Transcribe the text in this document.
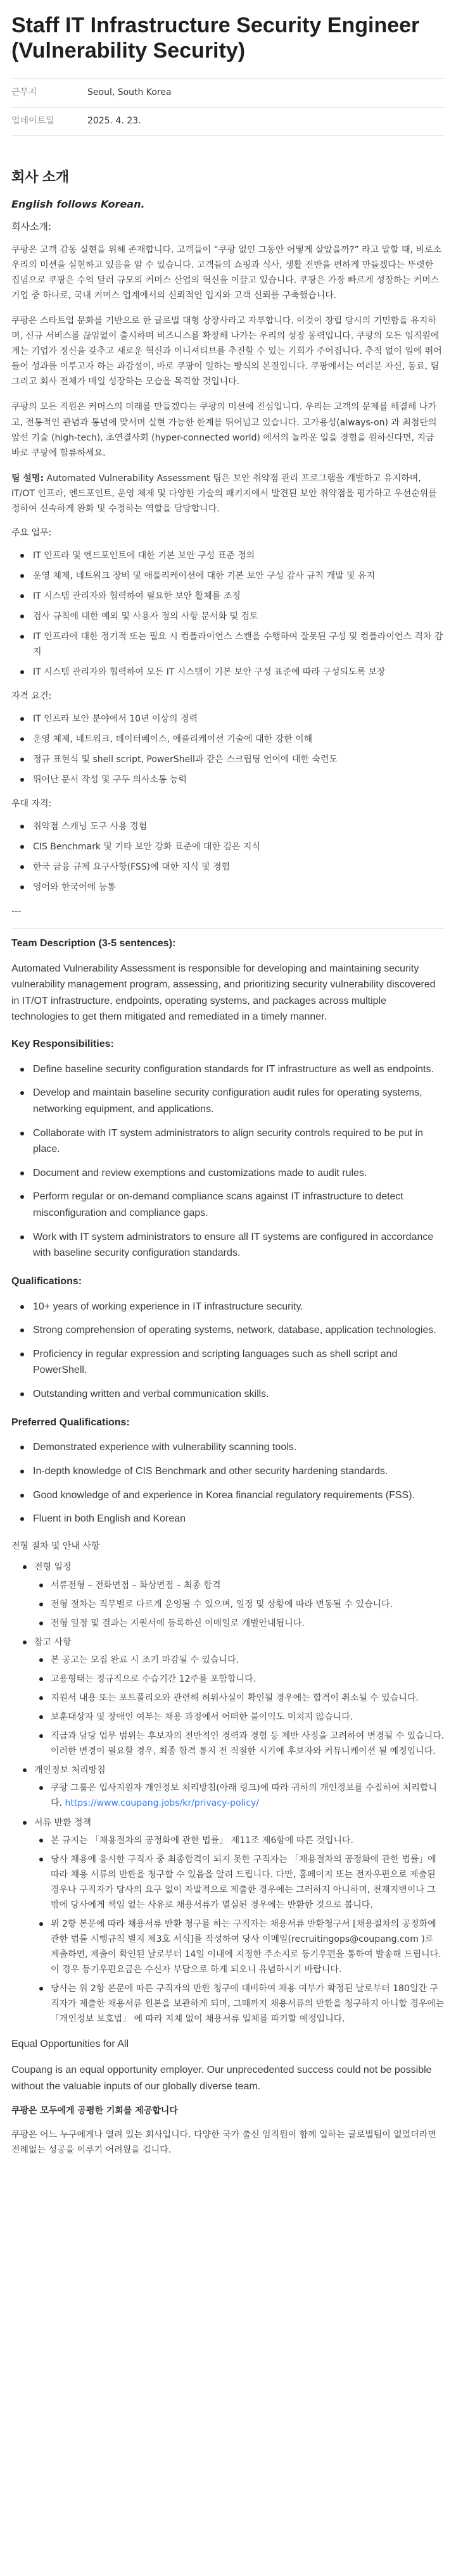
Staff IT Infrastructure Security Engineer (Vulnerability Security)
근무지	Seoul, South Korea
업데이트일	2025. 4. 23.
회사 소개
English follows Korean.
회사소개:

쿠팡은 고객 감동 실현을 위해 존재합니다. 고객들이 “쿠팡 없인 그동안 어떻게 살았을까?” 라고 말할 때, 비로소 우리의 미션을 실현하고 있음을 알 수 있습니다. 고객들의 쇼핑과 식사, 생활 전반을 편하게 만들겠다는 뚜렷한 집념으로 쿠팡은 수억 달러 규모의 커머스 산업의 혁신을 이끌고 있습니다. 쿠팡은 가장 빠르게 성장하는 커머스 기업 중 하나로, 국내 커머스 업계에서의 신뢰적인 입지와 고객 신뢰를 구축했습니다.

쿠팡은 스타트업 문화를 기반으로 한 글로벌 대형 상장사라고 자부합니다. 이것이 창립 당시의 기민함을 유지하며, 신규 서비스를 끊임없이 출시하며 비즈니스를 확장해 나가는 우리의 성장 동력입니다. 쿠팡의 모든 임직원에게는 기업가 정신을 갖추고 새로운 혁신과 이니셔티브를 추진할 수 있는 기회가 주어집니다. 추적 없이 일에 뛰어들어 성과를 이루고자 하는 과감성이, 바로 쿠팡이 일하는 방식의 본질입니다. 쿠팡에서는 여러분 자신, 동료, 팀 그리고 회사 전체가 매일 성장하는 모습을 목격할 것입니다.

쿠팡의 모든 직원은 커머스의 미래를 만들겠다는 쿠팡의 미션에 진심입니다. 우리는 고객의 문제를 해결해 나가고, 전통적인 관념과 통념에 맞서며 실현 가능한 한계를 뛰어넘고 있습니다. 고가용성(always-on) 과 최첨단의 앞선 기술 (high-tech), 초연결사회 (hyper-connected world) 에서의 놀라운 일을 경험을 원하신다면, 지금 바로 쿠팡에 합류하세요.

팀 설명: Automated Vulnerability Assessment 팀은 보안 취약점 관리 프로그램을 개발하고 유지하며, IT/OT 인프라, 엔드포인트, 운영 체제 및 다양한 기술의 패키지에서 발견된 보안 취약점을 평가하고 우선순위를 정하여 신속하게 완화 및 수정하는 역할을 담당합니다.
주요 업무:
IT 인프라 및 엔드포인트에 대한 기본 보안 구성 표준 정의
운영 체제, 네트워크 장비 및 애플리케이션에 대한 기본 보안 구성 감사 규칙 개발 및 유지
IT 시스템 관리자와 협력하여 필요한 보안 활체를 조정
검사 규칙에 대한 예외 및 사용자 정의 사항 문서화 및 검토
IT 인프라에 대한 정기적 또는 필요 시 컴플라이언스 스캔을 수행하여 잘못된 구성 및 컴플라이언스 격차 감지
IT 시스템 관리자와 협력하여 모든 IT 시스템이 기본 보안 구성 표준에 따라 구성되도록 보장
자격 요건:
IT 인프라 보안 분야에서 10년 이상의 경력
운영 체제, 네트워크, 데이터베이스, 애플리케이션 기술에 대한 강한 이해
정규 표현식 및 shell script, PowerShell과 같은 스크립팅 언어에 대한 숙련도
뛰어난 문서 작성 및 구두 의사소통 능력
우대 자격:
취약점 스캐닝 도구 사용 경험
CIS Benchmark 및 기타 보안 강화 표준에 대한 깊은 지식
한국 금융 규제 요구사항(FSS)에 대한 지식 및 경험
영어와 한국어에 능통
---
Team Description (3-5 sentences):

Automated Vulnerability Assessment is responsible for developing and maintaining security vulnerability management program, assessing, and prioritizing security vulnerability discovered in IT/OT infrastructure, endpoints, operating systems, and packages across multiple technologies to get them mitigated and remediated in a timely manner.

Key Responsibilities:
Define baseline security configuration standards for IT infrastructure as well as endpoints.
Develop and maintain baseline security configuration audit rules for operating systems, networking equipment, and applications.
Collaborate with IT system administrators to align security controls required to be put in place.
Document and review exemptions and customizations made to audit rules.
Perform regular or on-demand compliance scans against IT infrastructure to detect misconfiguration and compliance gaps.
Work with IT system administrators to ensure all IT systems are configured in accordance with baseline security configuration standards.
Qualifications:
10+ years of working experience in IT infrastructure security.
Strong comprehension of operating systems, network, database, application technologies.
Proficiency in regular expression and scripting languages such as shell script and PowerShell.
Outstanding written and verbal communication skills.
Preferred Qualifications:
Demonstrated experience with vulnerability scanning tools.
In-depth knowledge of CIS Benchmark and other security hardening standards.
Good knowledge of and experience in Korea financial regulatory requirements (FSS).
Fluent in both English and Korean
전형 절차 및 안내 사항
전형 일정
서류전형 – 전화면접 – 화상면접 – 최종 합격
전형 절차는 직무별로 다르게 운영될 수 있으며, 일정 및 상황에 따라 변동될 수 있습니다.
전형 일정 및 결과는 지원서에 등록하신 이메일로 개별안내됩니다.
참고 사항
본 공고는 모집 완료 시 조기 마감될 수 있습니다.
고용형태는 정규직으로 수습기간 12주를 포함합니다.
지원서 내용 또는 포트폴리오와 관련해 허위사실이 확인될 경우에는 합격이 취소될 수 있습니다.
보훈대상자 및 장애인 여부는 채용 과정에서 어떠한 불이익도 미치지 않습니다.
직급과 담당 업무 범위는 후보자의 전반적인 경력과 경험 등 제반 사정을 고려하여 변경될 수 있습니다. 이러한 변경이 필요할 경우, 최종 합격 통지 전 적절한 시기에 후보자와 커뮤니케이션 될 예정입니다.
개인정보 처리방침
쿠팡 그룹은 입사지원자 개인정보 처리방침(아래 링크)에 따라 귀하의 개인정보를 수집하여 처리합니다. https://www.coupang.jobs/kr/privacy-policy/
서류 반환 정책
본 규지는 「채용절차의 공정화에 관한 법률」 제11조 제6항에 따른 것입니다.
당사 채용에 응시한 구직자 중 최종합격이 되지 못한 구직자는 「채용절차의 공정화에 관한 법률」에 따라 채용 서류의 반환을 청구할 수 있음을 알려 드립니다. 다만, 홈페이지 또는 전자우편으로 제출된 경우나 구직자가 당사의 요구 없이 자발적으로 제출한 경우에는 그러하지 아니하며, 천재지변이나 그 밖에 당사에게 책임 없는 사유로 채용서류가 멸실된 경우에는 반환한 것으로 봅니다.
위 2항 본문에 따라 채용서류 반환 청구를 하는 구직자는 채용서류 반환청구서 [채용절차의 공정화에 관한 법률 시행규칙 별지 제3호 서식]를 작성하여 당사 이메일(recruitingops@coupang.com )로 제출하면, 제출이 확인된 날로부터 14일 이내에 지정한 주소지로 등기우편을 통하여 발송해 드립니다. 이 경우 등기우편요금은 수신자 부담으로 하게 되오니 유념하시기 바랍니다.
당사는 위 2항 본문에 따른 구직자의 반환 청구에 대비하여 채용 여부가 확정된 날로부터 180일간 구직자가 제출한 채용서류 원본을 보관하게 되며, 그때까지 채용서류의 반환을 청구하지 아니할 경우에는 「개인정보 보호법」 에 따라 지체 없이 채용서류 일체를 파기할 예정입니다.
Equal Opportunities for All
Coupang is an equal opportunity employer. Our unprecedented success could not be possible without the valuable inputs of our globally diverse team.
쿠팡은 모두에게 공평한 기회를 제공합니다
쿠팡은 어느 누구에게나 열려 있는 회사입니다. 다양한 국가 출신 임직원이 함께 일하는 글로벌팀이 없었더라면 전례없는 성공을 이루기 어려웠을 겁니다.
